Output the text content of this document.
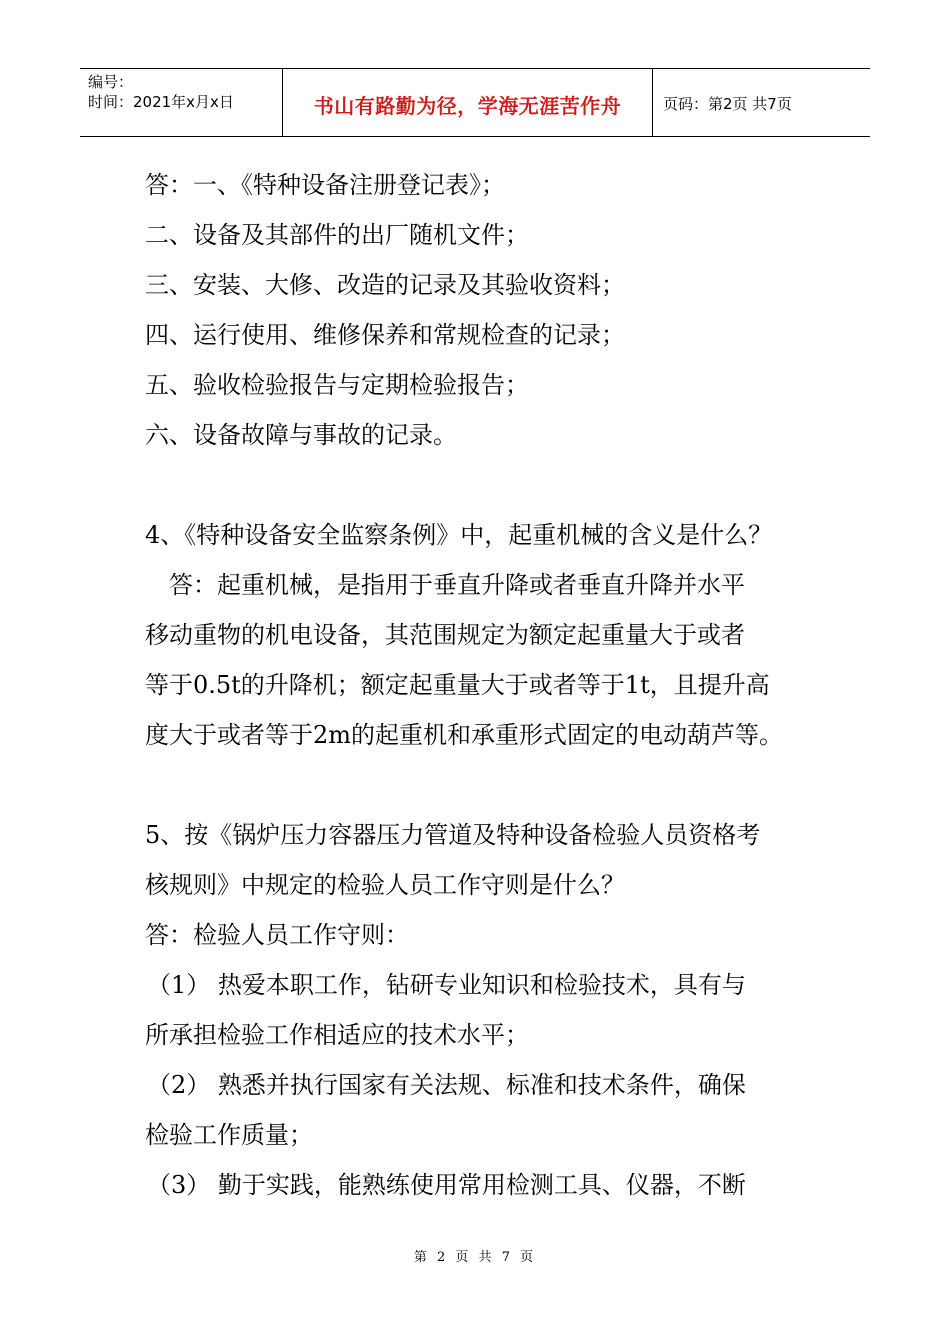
编号：
时间：2021年x月x日	书山有路勤为径，学海无涯苦作舟	页码：第2页 共7页
答：一、《特种设备注册登记表》；
二、设备及其部件的出厂随机文件；
三、安装、大修、改造的记录及其验收资料；
四、运行使用、维修保养和常规检查的记录；
五、验收检验报告与定期检验报告；
六、设备故障与事故的记录。
4、《特种设备安全监察条例》中，起重机械的含义是什么？
答：起重机械，是指用于垂直升降或者垂直升降并水平
移动重物的机电设备，其范围规定为额定起重量大于或者
等于0.5t的升降机；额定起重量大于或者等于1t，且提升高
度大于或者等于2m的起重机和承重形式固定的电动葫芦等。
5、按《锅炉压力容器压力管道及特种设备检验人员资格考
核规则》中规定的检验人员工作守则是什么？
答：检验人员工作守则：
（1） 热爱本职工作，钻研专业知识和检验技术，具有与
所承担检验工作相适应的技术水平；
（2） 熟悉并执行国家有关法规、标准和技术条件，确保
检验工作质量；
（3） 勤于实践，能熟练使用常用检测工具、仪器，不断
第 2 页 共 7 页
